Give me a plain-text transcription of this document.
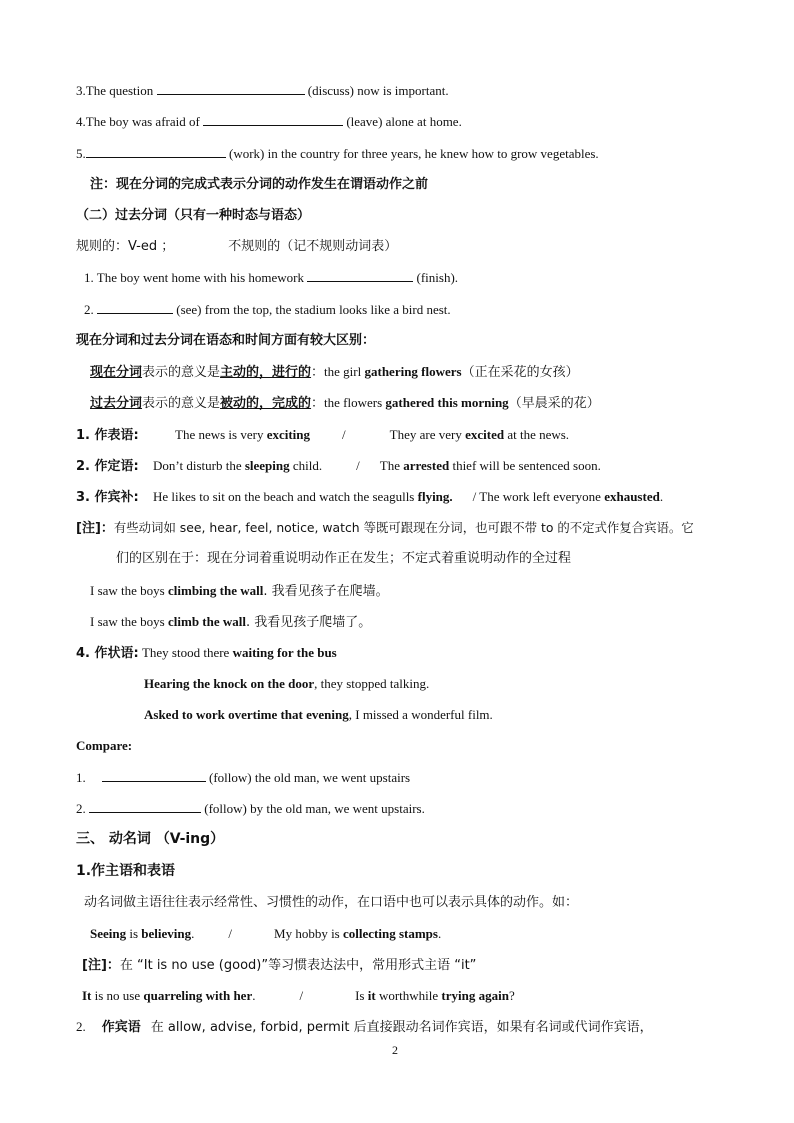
3.The question	(discuss) now is important.
4.The boy was afraid of	(leave) alone at home.
5.	(work) in the country for three years, he knew how to grow vegetables.
注：现在分词的完成式表示分词的动作发生在谓语动作之前
（二）过去分词（只有一种时态与语态）
规则的：V-ed ；	不规则的（记不规则动词表）
1. The boy went home with his homework	(finish).
2.	(see) from the top, the stadium looks like a bird nest.
现在分词和过去分词在语态和时间方面有较大区别：
现在分词表示的意义是主动的，进行的：the girl gathering flowers（正在采花的女孩）
过去分词表示的意义是被动的，完成的：the flowers gathered this morning（早晨采的花）
1. 作表语:	The news is very exciting /	They are very excited at the news.
2. 作定语: Don’t disturb the sleeping child.	/ The arrested thief will be sentenced soon.
3. 作宾补: He likes to sit on the beach and watch the seagulls flying. / The work left everyone exhausted.
[注]：有些动词如 see, hear, feel, notice, watch 等既可跟现在分词，也可跟不带 to 的不定式作复合宾语。它
们的区别在于：现在分词着重说明动作正在发生；不定式着重说明动作的全过程
I saw the boys climbing the wall. 我看见孩子在爬墙。
I saw the boys climb the wall. 我看见孩子爬墙了。
4. 作状语: They stood there waiting for the bus
Hearing the knock on the door, they stopped talking.
Asked to work overtime that evening, I missed a wonderful film.
Compare:
1.	(follow) the old man, we went upstairs
2.	(follow) by the old man, we went upstairs.
三、 动名词 （V-ing）
1.作主语和表语
动名词做主语往往表示经常性、习惯性的动作，在口语中也可以表示具体的动作。如：
Seeing is believing.	/	My hobby is collecting stamps.
[注]：在 “It is no use (good)”等习惯表达法中，常用形式主语 “it”
It is no use quarreling with her.	/	Is it worthwhile trying again?
2. 作宾语 在 allow, advise, forbid, permit 后直接跟动名词作宾语，如果有名词或代词作宾语，
2
